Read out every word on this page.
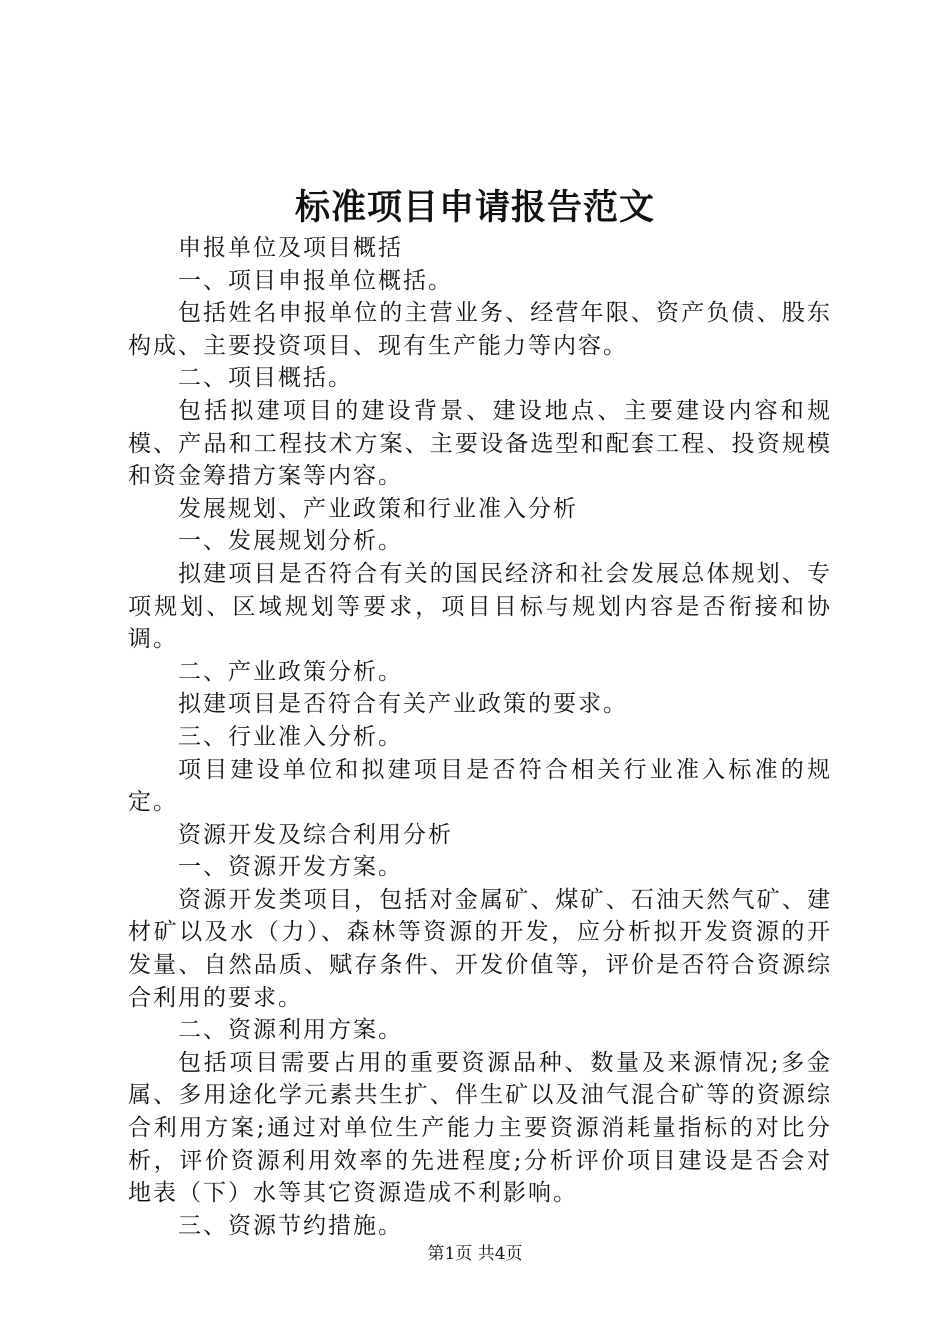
标准项目申请报告范文

申报单位及项目概括

一、项目申报单位概括。

包括姓名申报单位的主营业务、经营年限、资产负债、股东构成、主要投资项目、现有生产能力等内容。

二、项目概括。

包括拟建项目的建设背景、建设地点、主要建设内容和规模、产品和工程技术方案、主要设备选型和配套工程、投资规模和资金筹措方案等内容。

发展规划、产业政策和行业准入分析

一、发展规划分析。

拟建项目是否符合有关的国民经济和社会发展总体规划、专项规划、区域规划等要求，项目目标与规划内容是否衔接和协调。

二、产业政策分析。

拟建项目是否符合有关产业政策的要求。

三、行业准入分析。

项目建设单位和拟建项目是否符合相关行业准入标准的规定。

资源开发及综合利用分析

一、资源开发方案。

资源开发类项目，包括对金属矿、煤矿、石油天然气矿、建材矿以及水（力）、森林等资源的开发，应分析拟开发资源的开发量、自然品质、赋存条件、开发价值等，评价是否符合资源综合利用的要求。

二、资源利用方案。

包括项目需要占用的重要资源品种、数量及来源情况;多金属、多用途化学元素共生扩、伴生矿以及油气混合矿等的资源综合利用方案;通过对单位生产能力主要资源消耗量指标的对比分析，评价资源利用效率的先进程度;分析评价项目建设是否会对地表（下）水等其它资源造成不利影响。

三、资源节约措施。

第1页 共4页
